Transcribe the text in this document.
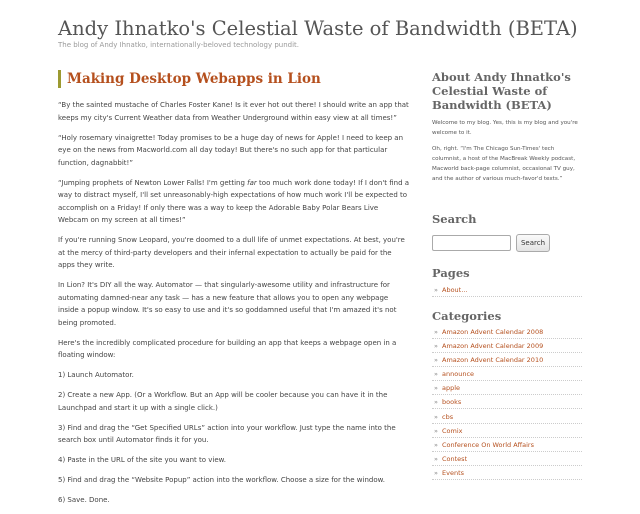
Andy Ihnatko's Celestial Waste of Bandwidth (BETA)
The blog of Andy Ihnatko, internationally-beloved technology pundit.
Making Desktop Webapps in Lion

“By the sainted mustache of Charles Foster Kane! Is it ever hot out there! I should write an app that keeps my city's Current Weather data from Weather Underground within easy view at all times!”

“Holy rosemary vinaigrette! Today promises to be a huge day of news for Apple! I need to keep an eye on the news from Macworld.com all day today! But there's no such app for that particular function, dagnabbit!”

“Jumping prophets of Newton Lower Falls! I'm getting far too much work done today! If I don't find a way to distract myself, I'll set unreasonably-high expectations of how much work I'll be expected to accomplish on a Friday! If only there was a way to keep the Adorable Baby Polar Bears Live Webcam on my screen at all times!”

If you're running Snow Leopard, you're doomed to a dull life of unmet expectations. At best, you're at the mercy of third-party developers and their infernal expectation to actually be paid for the apps they write.

In Lion? It's DIY all the way. Automator — that singularly-awesome utility and infrastructure for automating damned-near any task — has a new feature that allows you to open any webpage inside a popup window. It's so easy to use and it's so goddamned useful that I'm amazed it's not being promoted.

Here's the incredibly complicated procedure for building an app that keeps a webpage open in a floating window:

1) Launch Automator.

2) Create a new App. (Or a Workflow. But an App will be cooler because you can have it in the Launchpad and start it up with a single click.)

3) Find and drag the “Get Specified URLs” action into your workflow. Just type the name into the search box until Automator finds it for you.

4) Paste in the URL of the site you want to view.

5) Find and drag the “Website Popup” action into the workflow. Choose a size for the window.

6) Save. Done.

About Andy Ihnatko's Celestial Waste of Bandwidth (BETA)

Welcome to my blog. Yes, this is my blog and you're welcome to it.

Oh, right. “I'm The Chicago Sun-Times' tech columnist, a host of the MacBreak Weekly podcast, Macworld back-page columnist, occasional TV guy, and the author of various much-favor'd texts.”

Search
Search
Pages
» About…
Categories
» Amazon Advent Calendar 2008
» Amazon Advent Calendar 2009
» Amazon Advent Calendar 2010
» announce
» apple
» books
» cbs
» Comix
» Conference On World Affairs
» Contest
» Events
